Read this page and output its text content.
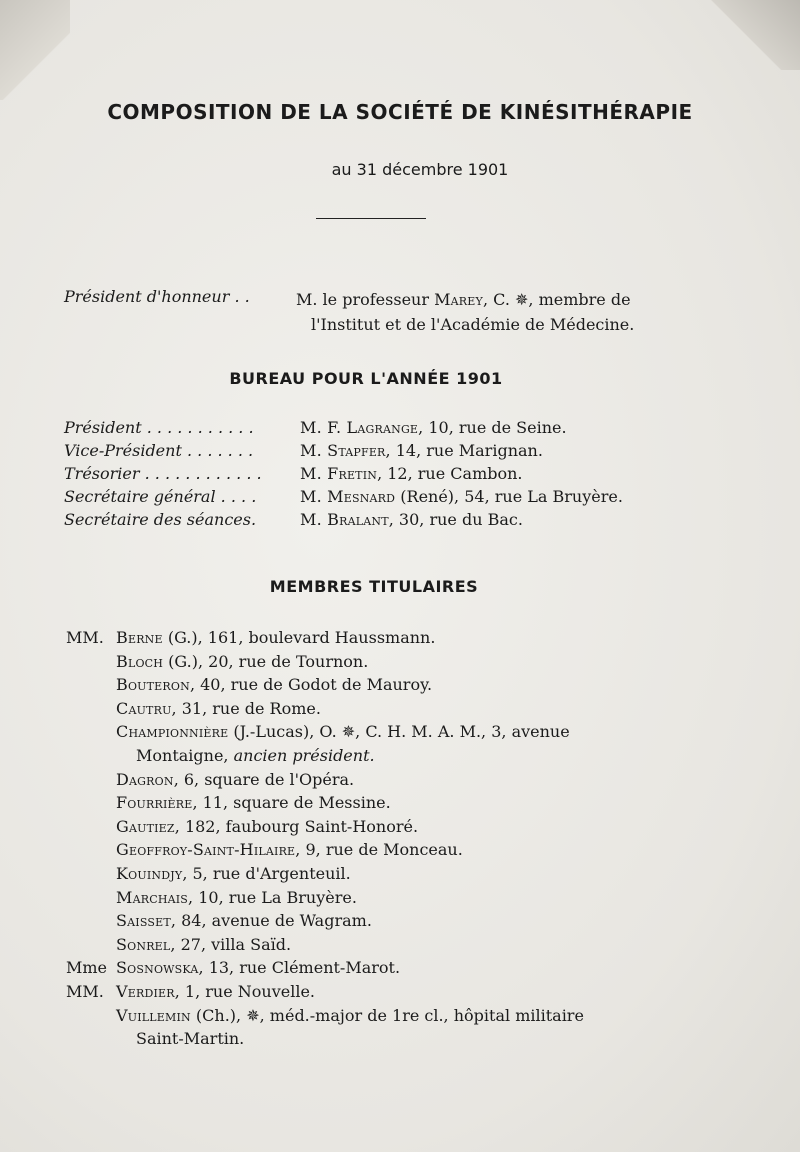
COMPOSITION DE LA SOCIÉTÉ DE KINÉSITHÉRAPIE
au 31 décembre 1901
Président d'honneur . .	M. le professeur Marey, C. ✵, membre de
l'Institut et de l'Académie de Médecine.
BUREAU POUR L'ANNÉE 1901
Président . . . . . . . . . . .	M. F. Lagrange, 10, rue de Seine.
Vice-Président . . . . . . .	M. Stapfer, 14, rue Marignan.
Trésorier . . . . . . . . . . . . M. Fretin, 12, rue Cambon.
Secrétaire général . . . .	M. Mesnard (René), 54, rue La Bruyère.
Secrétaire des séances.	M. Bralant, 30, rue du Bac.
MEMBRES TITULAIRES
MM. Berne (G.), 161, boulevard Haussmann.
Bloch (G.), 20, rue de Tournon.
Bouteron, 40, rue de Godot de Mauroy.
Cautru, 31, rue de Rome.
Championnière (J.-Lucas), O. ✵, C. H. M. A. M., 3, avenue
Montaigne, ancien président.
Dagron, 6, square de l'Opéra.
Fourrière, 11, square de Messine.
Gautiez, 182, faubourg Saint-Honoré.
Geoffroy-Saint-Hilaire, 9, rue de Monceau.
Kouindjy, 5, rue d'Argenteuil.
Marchais, 10, rue La Bruyère.
Saisset, 84, avenue de Wagram.
Sonrel, 27, villa Saïd.
Mme Sosnowska, 13, rue Clément-Marot.
MM. Verdier, 1, rue Nouvelle.
Vuillemin (Ch.), ✵, méd.-major de 1re cl., hôpital militaire
Saint-Martin.
